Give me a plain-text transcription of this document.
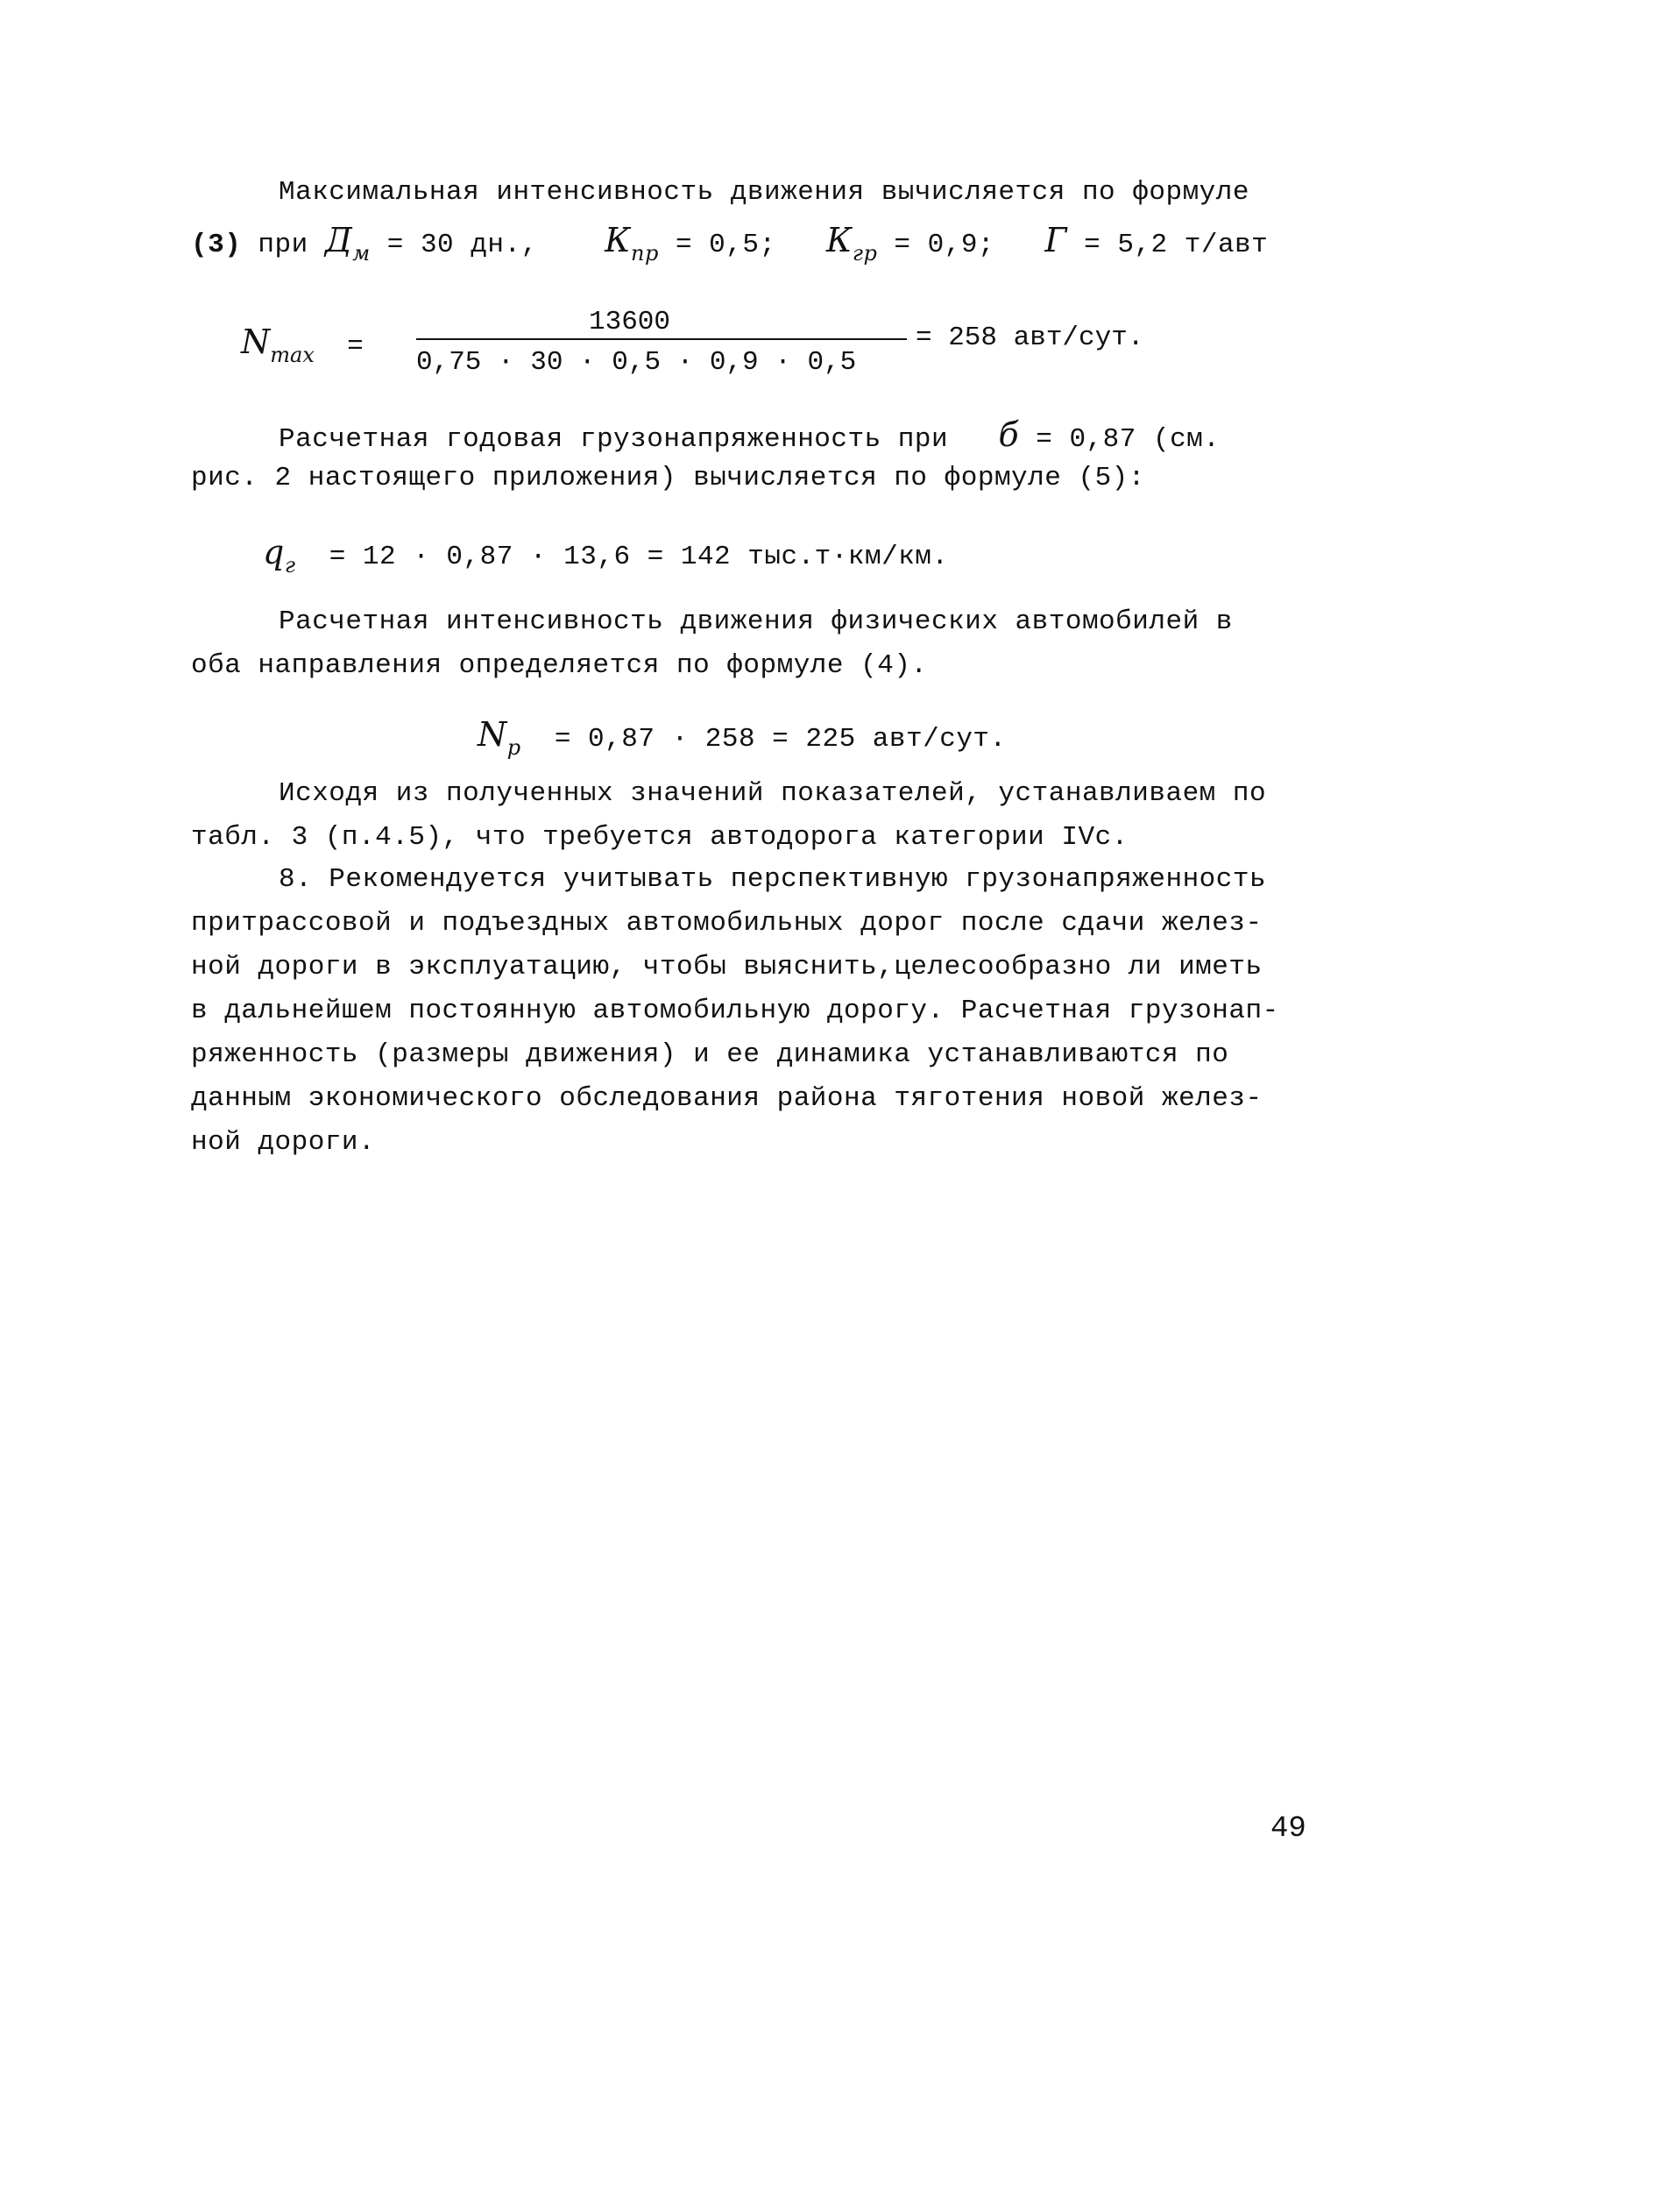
Максимальная интенсивность движения вычисляется по формуле
(3) при $Д_м = 30$ дн., $К_{пр} = 0,5$; $К_{гр} = 0,9$; Г = 5,2 т/авт
$N_{max}$ =
13600
0,75 · 30 · 0,5 · 0,9 · 0,5
= 258 авт/сут.
Расчетная годовая грузонапряженность при б = 0,87 (см.
рис. 2 настоящего приложения) вычисляется по формуле (5):
$q_г = 12 \cdot 0,87 \cdot 13,6 = 142$ тыс.т·км/км.
Расчетная интенсивность движения физических автомобилей в
оба направления определяется по формуле (4).
$N_р = 0,87 \cdot 258 = 225$ авт/сут.
Исходя из полученных значений показателей, устанавливаем по
табл. 3 (п.4.5), что требуется автодорога категории IVс.
8. Рекомендуется учитывать перспективную грузонапряженность
притрассовой и подъездных автомобильных дорог после сдачи желез-
ной дороги в эксплуатацию, чтобы выяснить,целесообразно ли иметь
в дальнейшем постоянную автомобильную дорогу. Расчетная грузонап-
ряженность (размеры движения) и ее динамика устанавливаются по
данным экономического обследования района тяготения новой желез-
ной дороги.
49
